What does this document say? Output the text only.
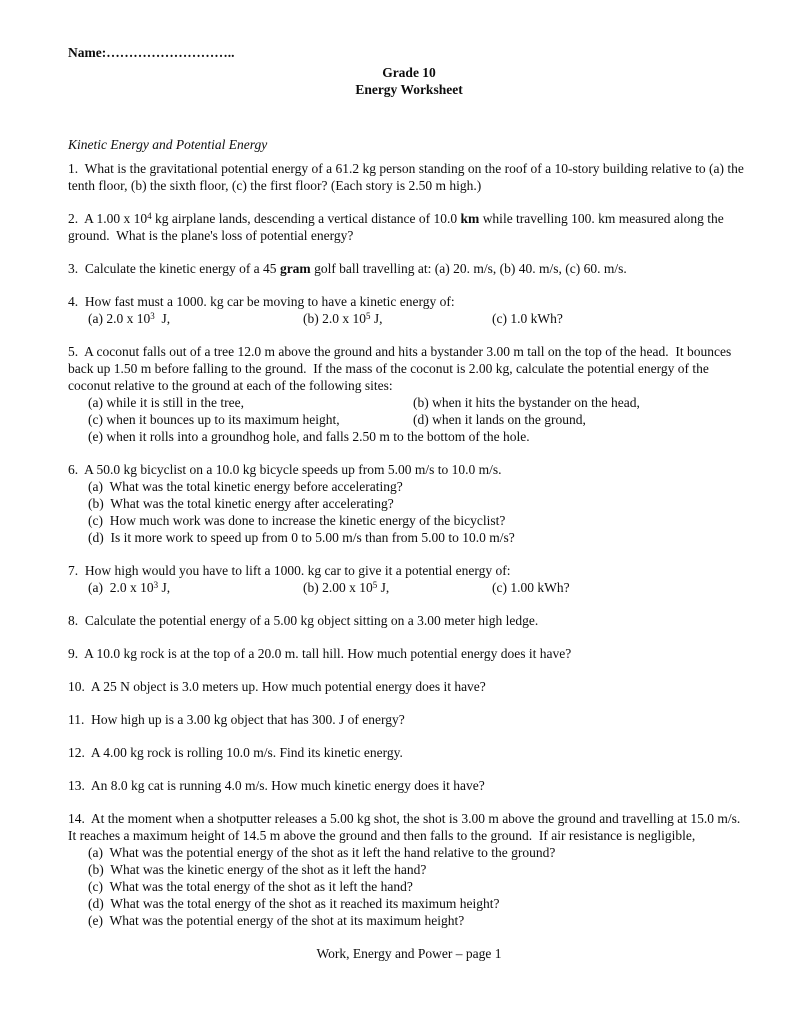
Name:………………………..
Grade 10
Energy Worksheet
Kinetic Energy and Potential Energy

1.  What is the gravitational potential energy of a 61.2 kg person standing on the roof of a 10-story building relative to (a) the tenth floor, (b) the sixth floor, (c) the first floor? (Each story is 2.50 m high.)

2.  A 1.00 x $10^4$ kg airplane lands, descending a vertical distance of 10.0 km while travelling 100. km measured along the ground.  What is the plane's loss of potential energy?

3.  Calculate the kinetic energy of a 45 gram golf ball travelling at: (a) 20. m/s, (b) 40. m/s, (c) 60. m/s.

4.  How fast must a 1000. kg car be moving to have a kinetic energy of:

(a) 2.0 x $10^3$  J,	(b) 2.0 x $10^5$ J,	(c) 1.0 kWh?

5.  A coconut falls out of a tree 12.0 m above the ground and hits a bystander 3.00 m tall on the top of the head.  It bounces back up 1.50 m before falling to the ground.  If the mass of the coconut is 2.00 kg, calculate the potential energy of the coconut relative to the ground at each of the following sites:

(a) while it is still in the tree,	(b) when it hits the bystander on the head,
(c) when it bounces up to its maximum height,	(d) when it lands on the ground,
(e) when it rolls into a groundhog hole, and falls 2.50 m to the bottom of the hole.

6.  A 50.0 kg bicyclist on a 10.0 kg bicycle speeds up from 5.00 m/s to 10.0 m/s.

(a)  What was the total kinetic energy before accelerating?
(b)  What was the total kinetic energy after accelerating?
(c)  How much work was done to increase the kinetic energy of the bicyclist?
(d)  Is it more work to speed up from 0 to 5.00 m/s than from 5.00 to 10.0 m/s?

7.  How high would you have to lift a 1000. kg car to give it a potential energy of:

(a)  2.0 x $10^3$ J,	(b) 2.00 x $10^5$ J,	(c) 1.00 kWh?

8.  Calculate the potential energy of a 5.00 kg object sitting on a 3.00 meter high ledge.

9.  A 10.0 kg rock is at the top of a 20.0 m. tall hill. How much potential energy does it have?

10.  A 25 N object is 3.0 meters up. How much potential energy does it have?

11.  How high up is a 3.00 kg object that has 300. J of energy?

12.  A 4.00 kg rock is rolling 10.0 m/s. Find its kinetic energy.

13.  An 8.0 kg cat is running 4.0 m/s. How much kinetic energy does it have?

14.  At the moment when a shotputter releases a 5.00 kg shot, the shot is 3.00 m above the ground and travelling at 15.0 m/s.  It reaches a maximum height of 14.5 m above the ground and then falls to the ground.  If air resistance is negligible,

(a)  What was the potential energy of the shot as it left the hand relative to the ground?
(b)  What was the kinetic energy of the shot as it left the hand?
(c)  What was the total energy of the shot as it left the hand?
(d)  What was the total energy of the shot as it reached its maximum height?
(e)  What was the potential energy of the shot at its maximum height?
Work, Energy and Power – page 1
